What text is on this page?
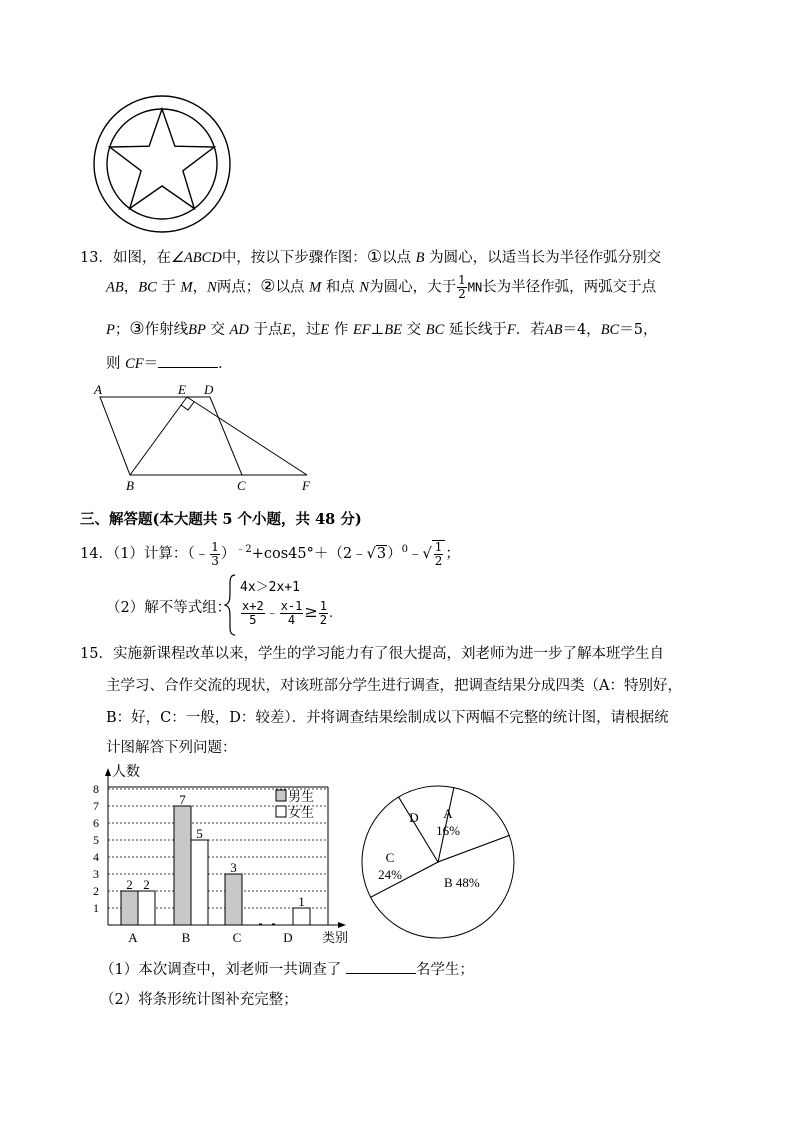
13．如图，在∠ABCD中，按以下步骤作图：①以点 B 为圆心，以适当长为半径作弧分别交
AB，BC 于 M，N两点；②以点 M 和点 N为圆心，大于 $\frac{1}{2}$ MN长为半径作弧，两弧交于点
P；③作射线BP 交 AD 于点E，过E 作 EF⊥BE 交 BC 延长线于F．若AB＝4，BC＝5，
则 CF＝	．
A	E D
B	C	F
三、解答题(本大题共 5 个小题，共 48 分)
14．（1）计算：（﹣ $\frac{1}{3}$ ）$^{﹣2}$+cos45°＋（2﹣√3）$^0$﹣√ $\frac{1}{2}$ ；
（2）解不等式组：
4x＞2x+1
$\frac{x+2}{5}$ ﹣ $\frac{x-1}{4} \ge \frac{1}{2}$ .
15．实施新课程改革以来，学生的学习能力有了很大提高，刘老师为进一步了解本班学生自
主学习、合作交流的现状，对该班部分学生进行调查，把调查结果分成四类（A：特别好，
B：好，C：一般，D：较差）．并将调查结果绘制成以下两幅不完整的统计图，请根据统
计图解答下列问题：
1
2
3
4
5
6
7
8
人数
类别
A
2 2
B
7
5
C
3
D
1
男生
女生	A
16%
B 48%
C
24%
D
（1）本次调查中，刘老师一共调查了	名学生；
（2）将条形统计图补充完整；
